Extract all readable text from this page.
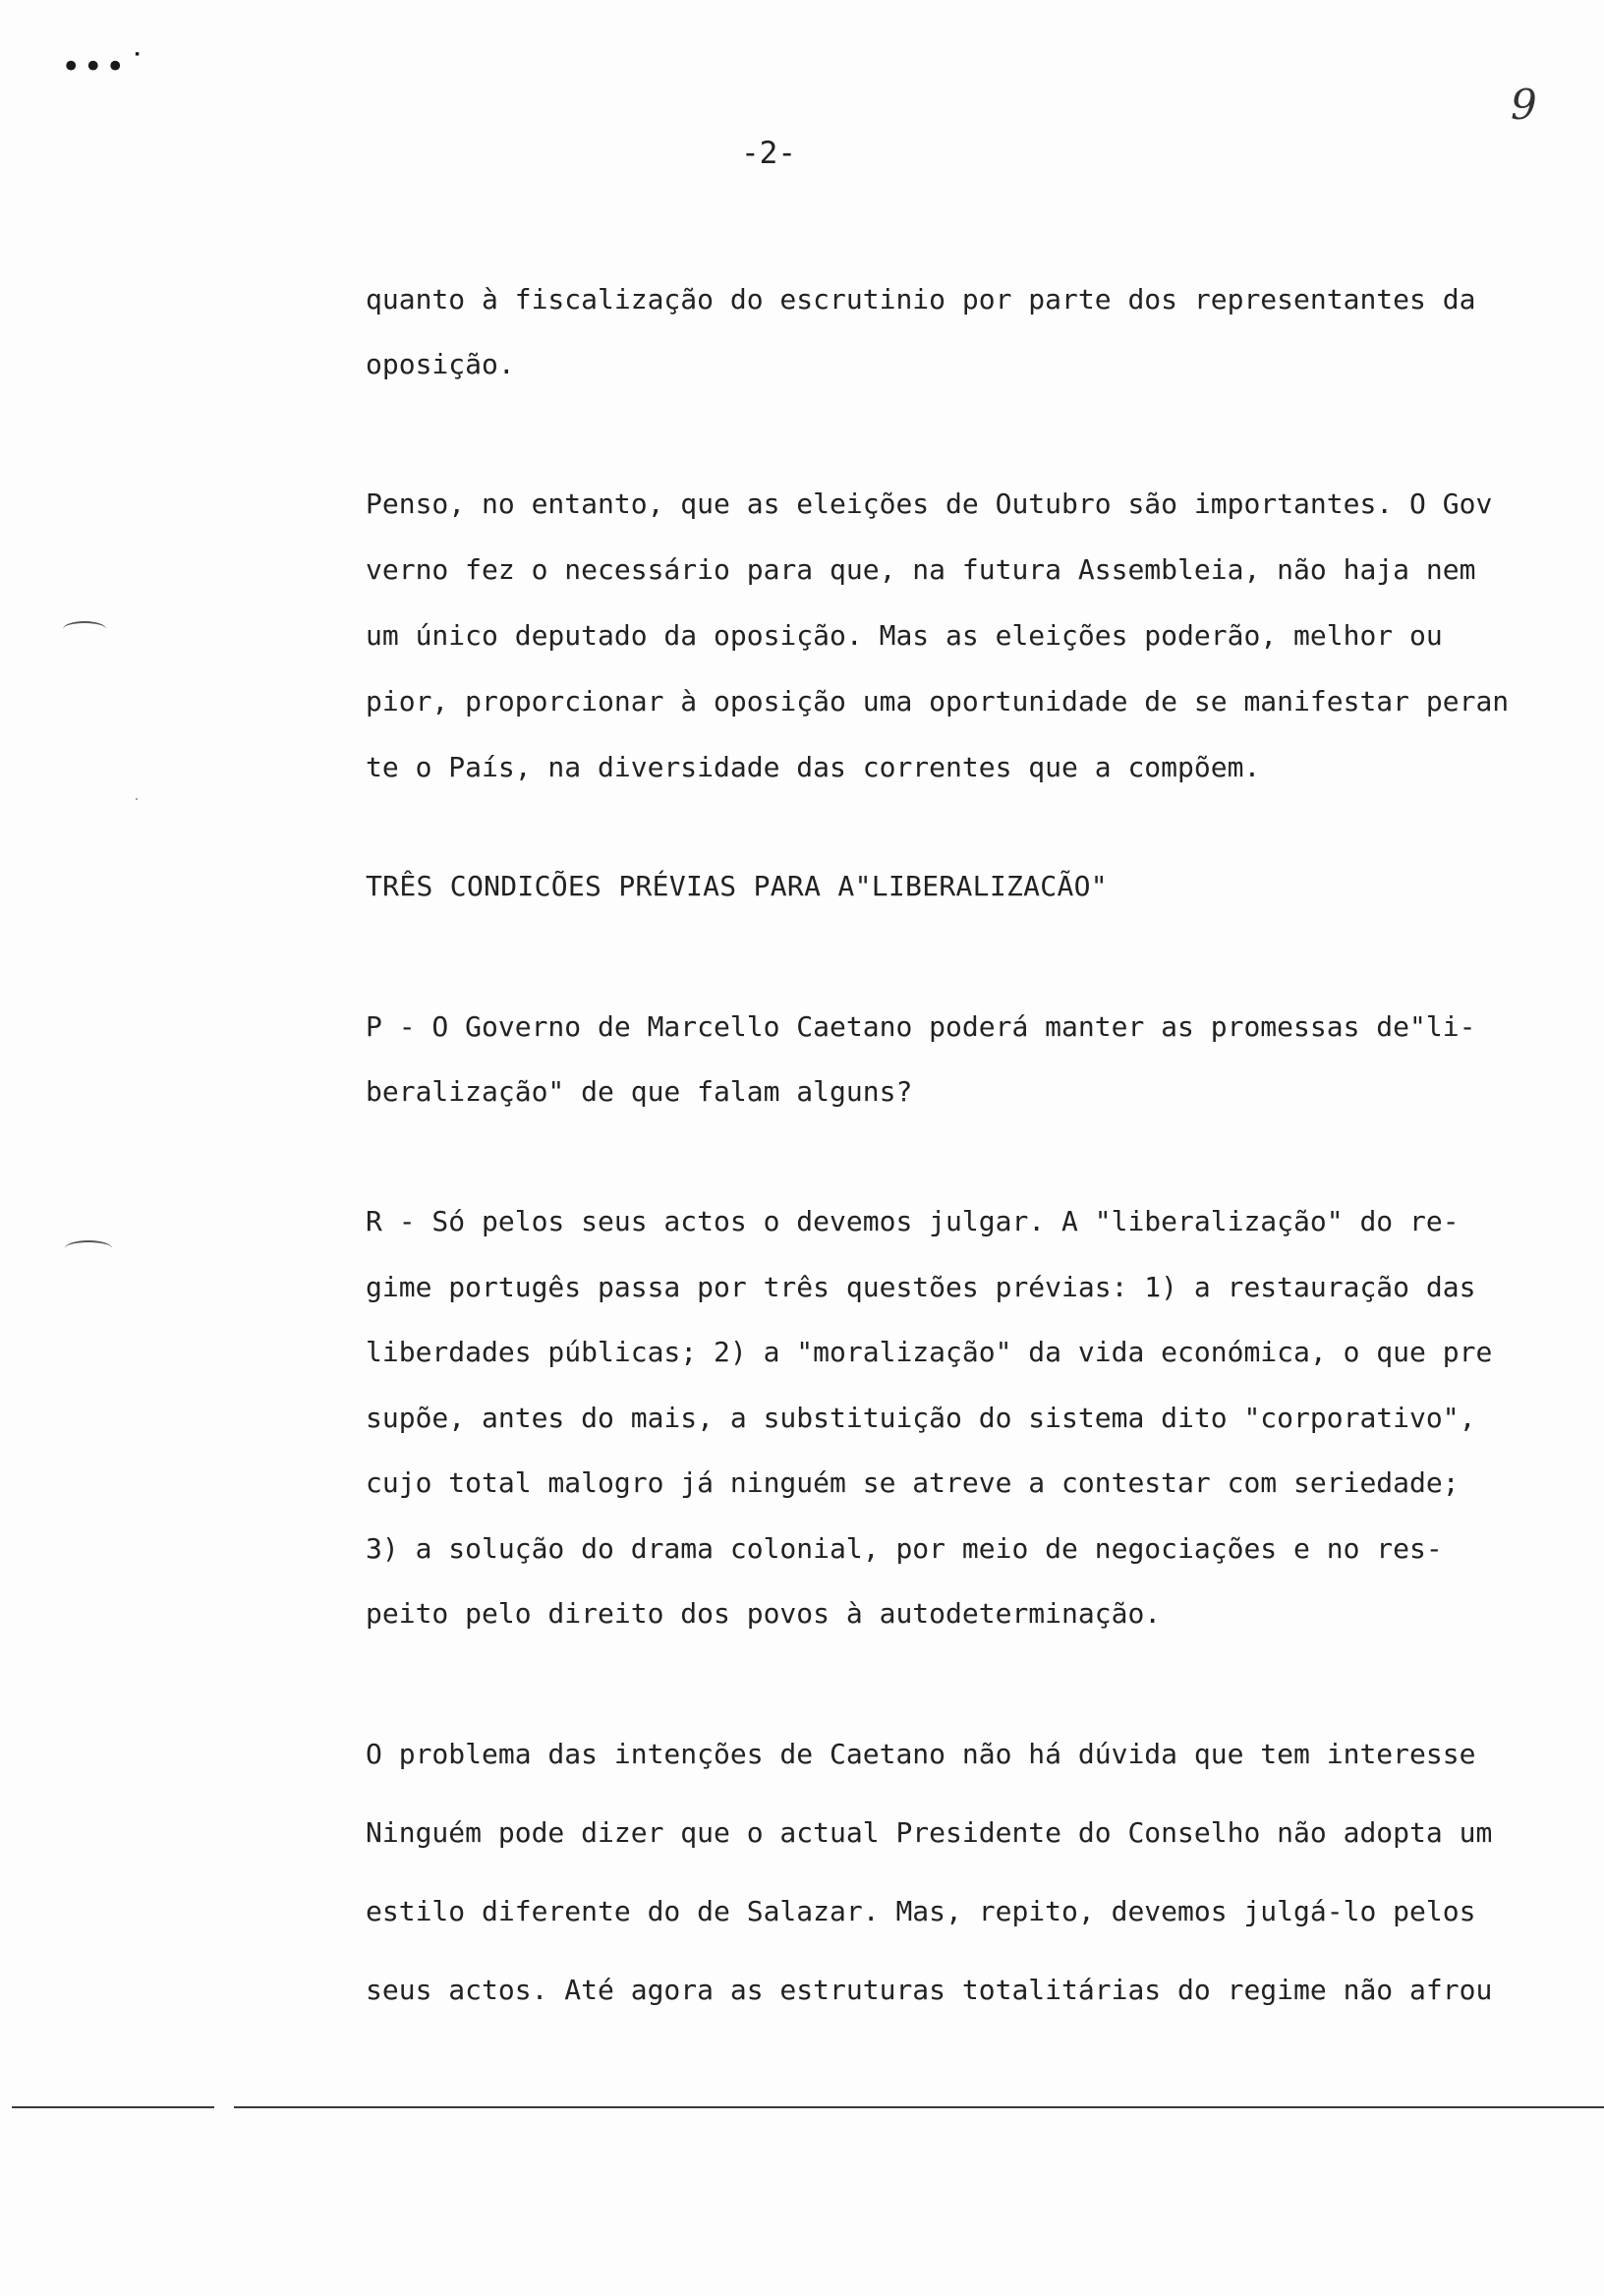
•••˙
9
-2-
quanto à fiscalização do escrutinio por parte dos representantes da
oposição.
Penso, no entanto, que as eleições de Outubro são importantes. O Gov
verno fez o necessário para que, na futura Assembleia, não haja nem
um único deputado da oposição. Mas as eleições poderão, melhor ou
pior, proporcionar à oposição uma oportunidade de se manifestar peran
te o País, na diversidade das correntes que a compõem.
TRÊS CONDICÕES PRÉVIAS PARA A"LIBERALIZACÃO"
P - O Governo de Marcello Caetano poderá manter as promessas de"li-
beralização" de que falam alguns?
R - Só pelos seus actos o devemos julgar. A "liberalização" do re-
gime portugês passa por três questões prévias: 1) a restauração das
liberdades públicas; 2) a "moralização" da vida económica, o que pre
supõe, antes do mais, a substituição do sistema dito "corporativo",
cujo total malogro já ninguém se atreve a contestar com seriedade;
3) a solução do drama colonial, por meio de negociações e no res-
peito pelo direito dos povos à autodeterminação.
O problema das intenções de Caetano não há dúvida que tem interesse
Ninguém pode dizer que o actual Presidente do Conselho não adopta um
estilo diferente do de Salazar. Mas, repito, devemos julgá-lo pelos
seus actos. Até agora as estruturas totalitárias do regime não afrou
